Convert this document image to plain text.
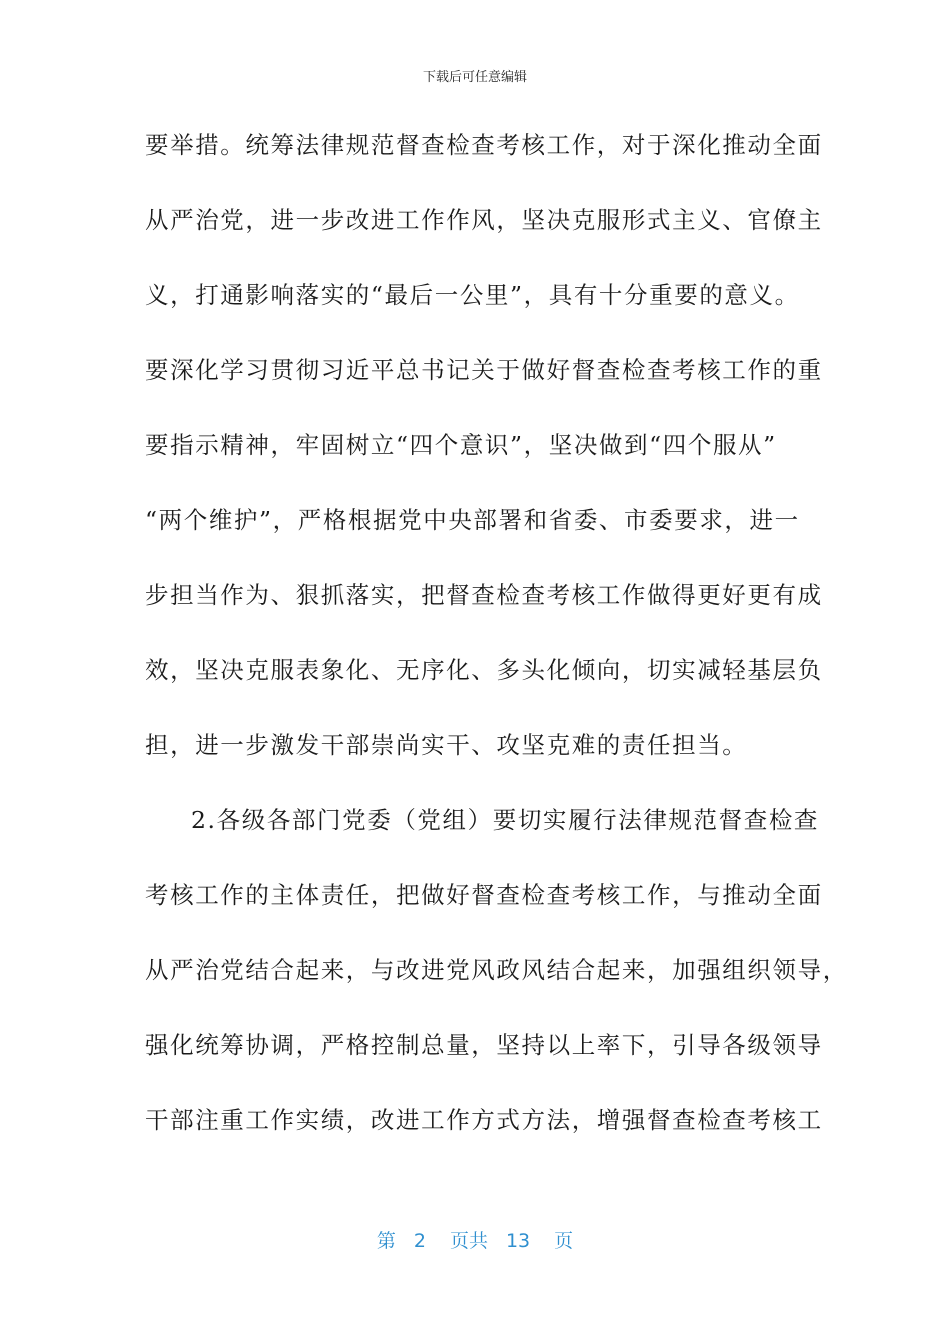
下载后可任意编辑
要举措。统筹法律规范督查检查考核工作，对于深化推动全面
从严治党，进一步改进工作作风，坚决克服形式主义、官僚主
义，打通影响落实的“最后一公里”，具有十分重要的意义。
要深化学习贯彻习近平总书记关于做好督查检查考核工作的重
要指示精神，牢固树立“四个意识”，坚决做到“四个服从”
“两个维护”，严格根据党中央部署和省委、市委要求，进一
步担当作为、狠抓落实，把督查检查考核工作做得更好更有成
效，坚决克服表象化、无序化、多头化倾向，切实减轻基层负
担，进一步激发干部崇尚实干、攻坚克难的责任担当。
2.各级各部门党委（党组）要切实履行法律规范督查检查
考核工作的主体责任，把做好督查检查考核工作，与推动全面
从严治党结合起来，与改进党风政风结合起来，加强组织领导，
强化统筹协调，严格控制总量，坚持以上率下，引导各级领导
干部注重工作实绩，改进工作方式方法，增强督查检查考核工
第 2 页共 13 页
